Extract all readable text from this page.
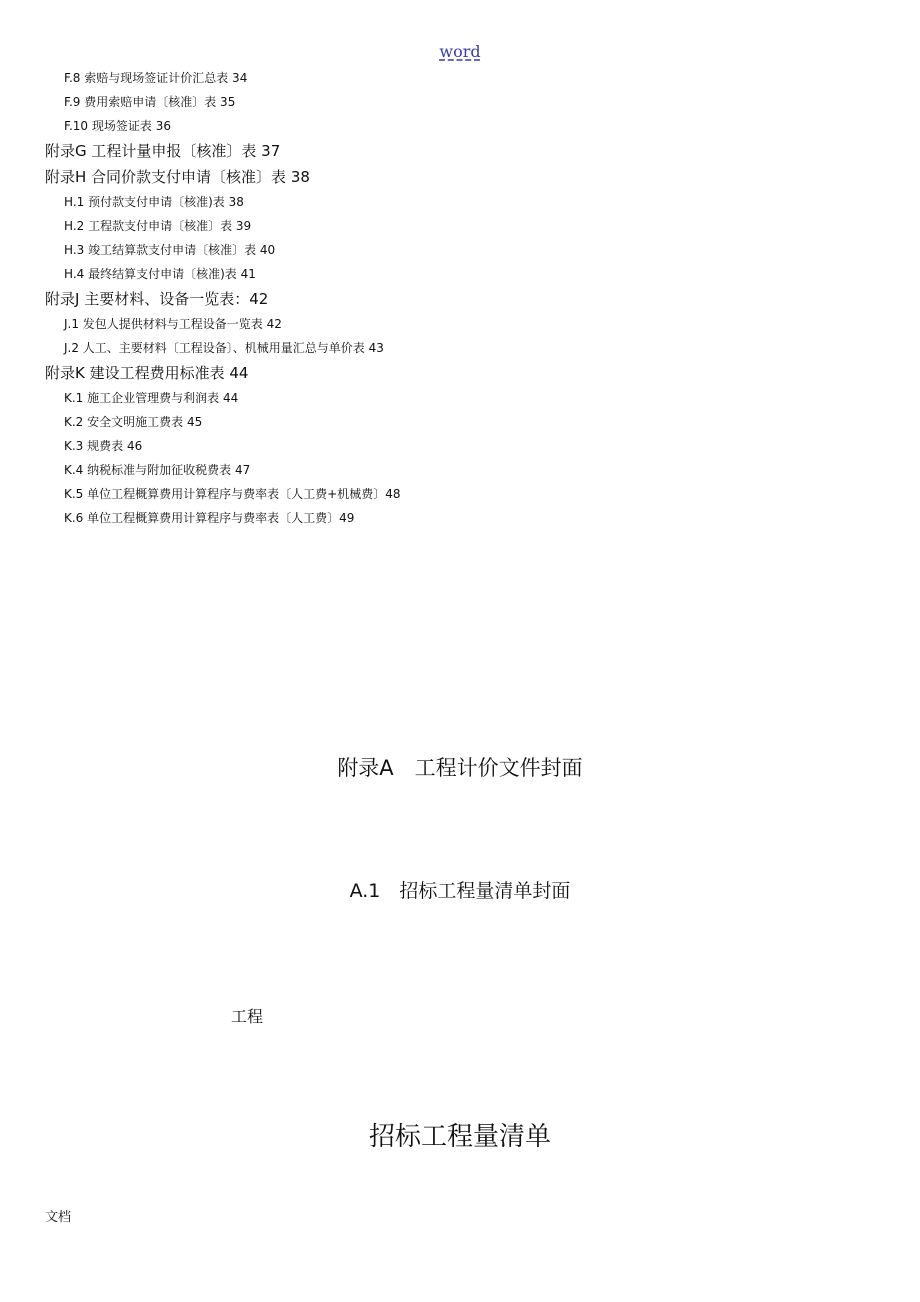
word
F.8 索赔与现场签证计价汇总表 34
F.9 费用索赔申请〔核准〕表 35
F.10 现场签证表 36
附录G 工程计量申报〔核准〕表 37
附录H 合同价款支付申请〔核准〕表 38
H.1 预付款支付申请〔核准)表 38
H.2 工程款支付申请〔核准〕表 39
H.3 竣工结算款支付申请〔核准〕表 40
H.4 最终结算支付申请〔核准)表 41
附录J 主要材料、设备一览表：42
J.1 发包人提供材料与工程设备一览表 42
J.2 人工、主要材料〔工程设备〕、机械用量汇总与单价表 43
附录K 建设工程费用标准表 44
K.1 施工企业管理费与利润表 44
K.2 安全文明施工费表 45
K.3 规费表 46
K.4 纳税标准与附加征收税费表 47
K.5 单位工程概算费用计算程序与费率表〔人工费+机械费〕48
K.6 单位工程概算费用计算程序与费率表〔人工费〕49
附录A　工程计价文件封面
A.1　招标工程量清单封面
工程
招标工程量清单
文档
